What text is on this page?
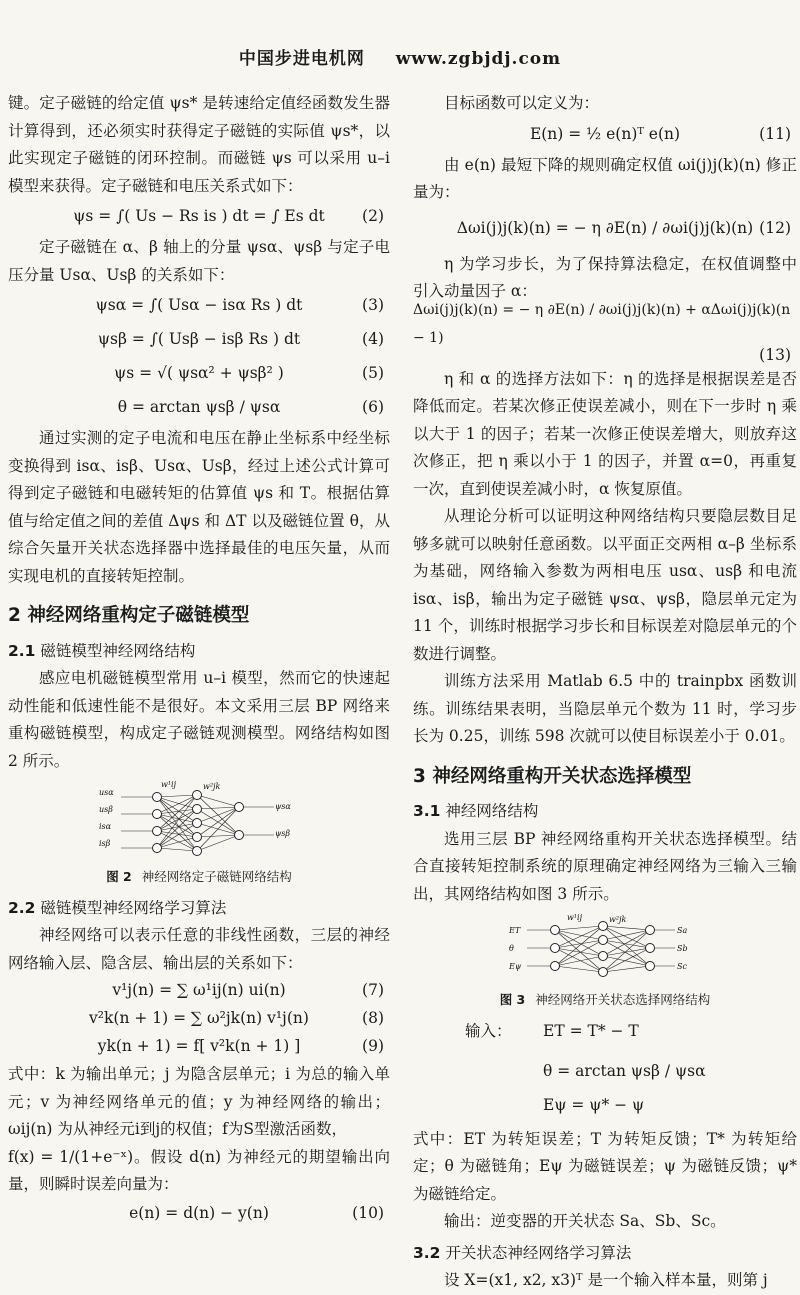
中国步进电机网 www.zgbjdj.com

键。定子磁链的给定值 ψs* 是转速给定值经函数发生器计算得到，还必须实时获得定子磁链的实际值 ψs*，以此实现定子磁链的闭环控制。而磁链 ψs 可以采用 u–i 模型来获得。定子磁链和电压关系式如下：

ψs = ∫( Us − Rs is ) dt = ∫ Es dt (2)

定子磁链在 α、β 轴上的分量 ψsα、ψsβ 与定子电压分量 Usα、Usβ 的关系如下：

ψsα = ∫( Usα − isα Rs ) dt	(3)
ψsβ = ∫( Usβ − isβ Rs ) dt	(4)
ψs = √( ψsα² + ψsβ² )	(5)
θ = arctan ψsβ / ψsα	(6)

通过实测的定子电流和电压在静止坐标系中经坐标变换得到 isα、isβ、Usα、Usβ，经过上述公式计算可得到定子磁链和电磁转矩的估算值 ψs 和 T。根据估算值与给定值之间的差值 Δψs 和 ΔT 以及磁链位置 θ，从综合矢量开关状态选择器中选择最佳的电压矢量，从而实现电机的直接转矩控制。

2 神经网络重构定子磁链模型
2.1 磁链模型神经网络结构

感应电机磁链模型常用 u–i 模型，然而它的快速起动性能和低速性能不是很好。本文采用三层 BP 网络来重构磁链模型，构成定子磁链观测模型。网络结构如图 2 所示。

usα
usβ
isα
isβ
ψsα
ψsβ
w¹ij	w²jk
图 2 神经网络定子磁链网络结构
2.2 磁链模型神经网络学习算法

神经网络可以表示任意的非线性函数，三层的神经网络输入层、隐含层、输出层的关系如下：

v¹j(n) = ∑ ω¹ij(n) ui(n)	(7)
v²k(n + 1) = ∑ ω²jk(n) v¹j(n)	(8)
yk(n + 1) = f[ v²k(n + 1) ]	(9)

式中：k 为输出单元；j 为隐含层单元；i 为总的输入单元；v 为神经网络单元的值；y 为神经网络的输出；ωij(n) 为从神经元i到j的权值；f为S型激活函数，

f(x) = 1/(1+e⁻ˣ)。假设 d(n) 为神经元的期望输出向量，则瞬时误差向量为：

e(n) = d(n) − y(n)	(10)

目标函数可以定义为：

E(n) = ½ e(n)ᵀ e(n)	(11)

由 e(n) 最短下降的规则确定权值 ωi(j)j(k)(n) 修正量为：

Δωi(j)j(k)(n) = − η ∂E(n) / ∂ωi(j)j(k)(n) (12)

η 为学习步长，为了保持算法稳定，在权值调整中引入动量因子 α：

Δωi(j)j(k)(n) = − η ∂E(n) / ∂ωi(j)j(k)(n) + αΔωi(j)j(k)(n − 1)
(13)

η 和 α 的选择方法如下：η 的选择是根据误差是否降低而定。若某次修正使误差减小，则在下一步时 η 乘以大于 1 的因子；若某一次修正使误差增大，则放弃这次修正，把 η 乘以小于 1 的因子，并置 α=0，再重复一次，直到使误差减小时，α 恢复原值。

从理论分析可以证明这种网络结构只要隐层数目足够多就可以映射任意函数。以平面正交两相 α–β 坐标系为基础，网络输入参数为两相电压 usα、usβ 和电流 isα、isβ，输出为定子磁链 ψsα、ψsβ，隐层单元定为 11 个，训练时根据学习步长和目标误差对隐层单元的个数进行调整。

训练方法采用 Matlab 6.5 中的 trainpbx 函数训练。训练结果表明，当隐层单元个数为 11 时，学习步长为 0.25，训练 598 次就可以使目标误差小于 0.01。

3 神经网络重构开关状态选择模型
3.1 神经网络结构

选用三层 BP 神经网络重构开关状态选择模型。结合直接转矩控制系统的原理确定神经网络为三输入三输出，其网络结构如图 3 所示。

ET
θ
Eψ
Sa
Sb
Sc
w¹ij	w²jk
图 3 神经网络开关状态选择网络结构
输入： ET = T* − T
θ = arctan ψsβ / ψsα
Eψ = ψ* − ψ

式中：ET 为转矩误差；T 为转矩反馈；T* 为转矩给定；θ 为磁链角；Eψ 为磁链误差；ψ 为磁链反馈；ψ* 为磁链给定。

输出：逆变器的开关状态 Sa、Sb、Sc。

3.2 开关状态神经网络学习算法

设 X=(x1, x2, x3)ᵀ 是一个输入样本量，则第 j
